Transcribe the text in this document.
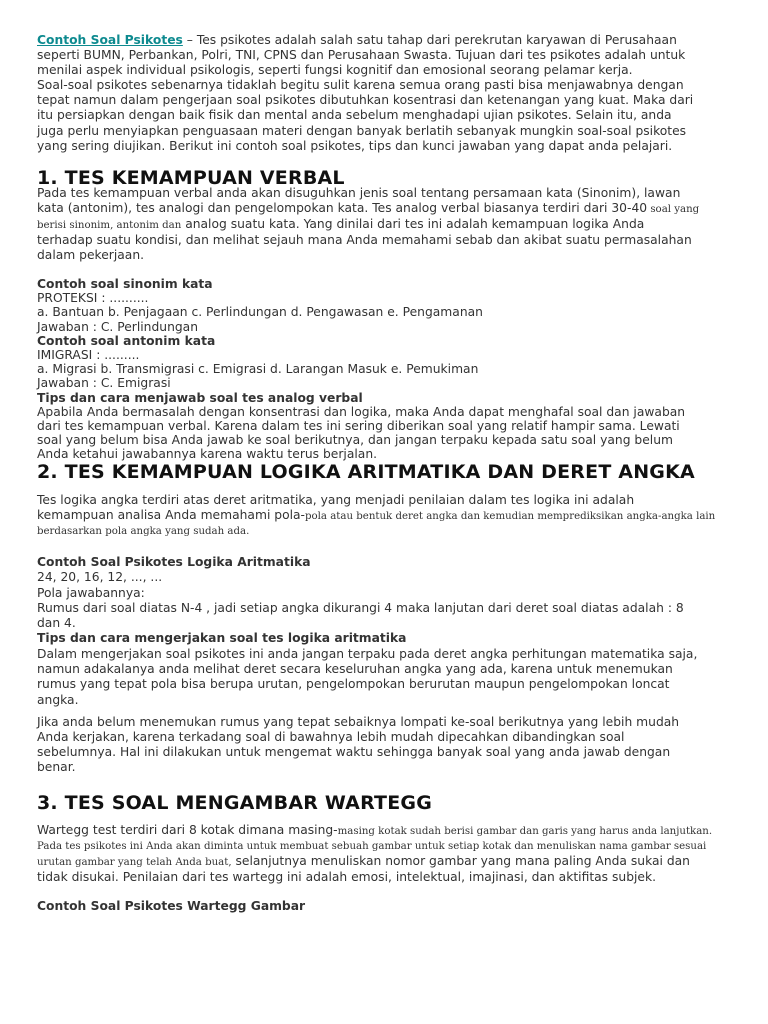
Contoh Soal Psikotes – Tes psikotes adalah salah satu tahap dari perekrutan karyawan di Perusahaan
seperti BUMN, Perbankan, Polri, TNI, CPNS dan Perusahaan Swasta. Tujuan dari tes psikotes adalah untuk
menilai aspek individual psikologis, seperti fungsi kognitif dan emosional seorang pelamar kerja.
Soal-soal psikotes sebenarnya tidaklah begitu sulit karena semua orang pasti bisa menjawabnya dengan
tepat namun dalam pengerjaan soal psikotes dibutuhkan kosentrasi dan ketenangan yang kuat. Maka dari
itu persiapkan dengan baik fisik dan mental anda sebelum menghadapi ujian psikotes. Selain itu, anda
juga perlu menyiapkan penguasaan materi dengan banyak berlatih sebanyak mungkin soal-soal psikotes
yang sering diujikan. Berikut ini contoh soal psikotes, tips dan kunci jawaban yang dapat anda pelajari.
1. TES KEMAMPUAN VERBAL
Pada tes kemampuan verbal anda akan disuguhkan jenis soal tentang persamaan kata (Sinonim), lawan
kata (antonim), tes analogi dan pengelompokan kata. Tes analog verbal biasanya terdiri dari 30-40 soal yang
berisi sinonim, antonim dan analog suatu kata. Yang dinilai dari tes ini adalah kemampuan logika Anda
terhadap suatu kondisi, dan melihat sejauh mana Anda memahami sebab dan akibat suatu permasalahan
dalam pekerjaan.
Contoh soal sinonim kata
PROTEKSI : ..........
a. Bantuan b. Penjagaan c. Perlindungan d. Pengawasan e. Pengamanan
Jawaban : C. Perlindungan
Contoh soal antonim kata
IMIGRASI : .........
a. Migrasi b. Transmigrasi c. Emigrasi d. Larangan Masuk e. Pemukiman
Jawaban : C. Emigrasi
Tips dan cara menjawab soal tes analog verbal
Apabila Anda bermasalah dengan konsentrasi dan logika, maka Anda dapat menghafal soal dan jawaban
dari tes kemampuan verbal. Karena dalam tes ini sering diberikan soal yang relatif hampir sama. Lewati
soal yang belum bisa Anda jawab ke soal berikutnya, dan jangan terpaku kepada satu soal yang belum
Anda ketahui jawabannya karena waktu terus berjalan.
2. TES KEMAMPUAN LOGIKA ARITMATIKA DAN DERET ANGKA
Tes logika angka terdiri atas deret aritmatika, yang menjadi penilaian dalam tes logika ini adalah
kemampuan analisa Anda memahami pola-pola atau bentuk deret angka dan kemudian memprediksikan angka-angka lain
berdasarkan pola angka yang sudah ada.
Contoh Soal Psikotes Logika Aritmatika
24, 20, 16, 12, ..., ...
Pola jawabannya:
Rumus dari soal diatas N-4 , jadi setiap angka dikurangi 4 maka lanjutan dari deret soal diatas adalah : 8
dan 4.
Tips dan cara mengerjakan soal tes logika aritmatika
Dalam mengerjakan soal psikotes ini anda jangan terpaku pada deret angka perhitungan matematika saja,
namun adakalanya anda melihat deret secara keseluruhan angka yang ada, karena untuk menemukan
rumus yang tepat pola bisa berupa urutan, pengelompokan berurutan maupun pengelompokan loncat
angka.
Jika anda belum menemukan rumus yang tepat sebaiknya lompati ke-soal berikutnya yang lebih mudah
Anda kerjakan, karena terkadang soal di bawahnya lebih mudah dipecahkan dibandingkan soal
sebelumnya. Hal ini dilakukan untuk mengemat waktu sehingga banyak soal yang anda jawab dengan
benar.
3. TES SOAL MENGAMBAR WARTEGG
Wartegg test terdiri dari 8 kotak dimana masing-masing kotak sudah berisi gambar dan garis yang harus anda lanjutkan.
Pada tes psikotes ini Anda akan diminta untuk membuat sebuah gambar untuk setiap kotak dan menuliskan nama gambar sesuai
urutan gambar yang telah Anda buat, selanjutnya menuliskan nomor gambar yang mana paling Anda sukai dan
tidak disukai. Penilaian dari tes wartegg ini adalah emosi, intelektual, imajinasi, dan aktifitas subjek.
Contoh Soal Psikotes Wartegg Gambar
